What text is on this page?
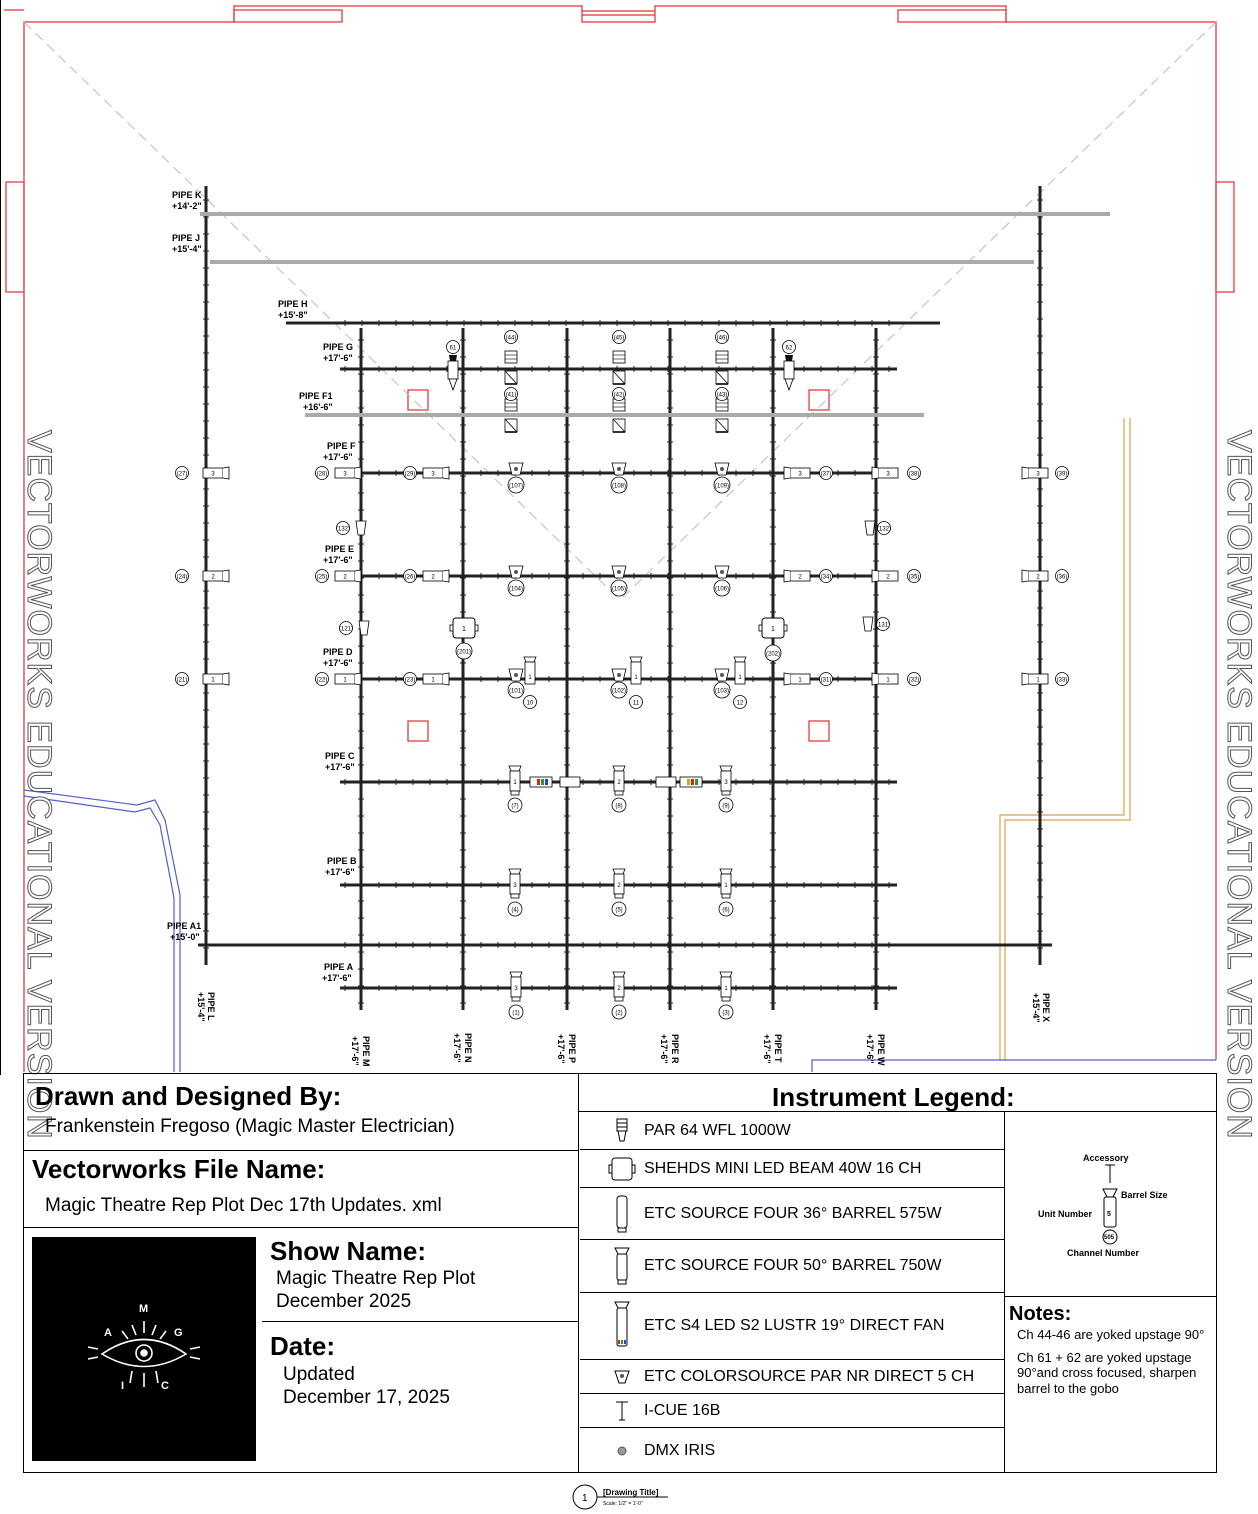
PIPE K
+14'-2"
PIPE J
+15'-4"
PIPE H
+15'-8"
PIPE G
+17'-6"
PIPE F1
+16'-6"
PIPE F
+17'-6"
PIPE E
+17'-6"
PIPE D
+17'-6"
PIPE C
+17'-6"
PIPE B
+17'-6"
PIPE A1
+15'-0"
PIPE A
+17'-6"
PIPE L
+15'-4"
PIPE M
+17'-6"	PIPE N
+17'-6"	PIPE P
+17'-6"	PIPE R
+17'-6"	PIPE T
+17'-6"	PIPE W
+17'-6"
PIPE X
+15'-4"
61
(44)	(45)	(46)
62
(41)	(42)	(43)
(27)	3	(28)	3	(29)	3	(37)
3	(38)
3	(39)
3
(24)	2	(25)	2	(26)	2	(34)
2	(35)
2	(36)
2
(21)	1	(22)	1	(23)	1	(31)
1	(32)
1	(33)
1
(107)
(104)
(101)
(108)
(105)
(102)
(109)
(106)
(103)
1
10
1
11
1
12
(132)
(121)
(132)
(131)
1
(201)
1
(202)
1
(7)
2
(8)
3
(9)
3
(4)
2
(5)
1
(6)
3
(1)
2
(2)
1
(3)
VECTORWORKS EDUCATIONAL VERSION	VECTORWORKS EDUCATIONAL VERSION
Drawn and Designed By:
Frankenstein Fregoso (Magic Master Electrician)
Vectorworks File Name:
Magic Theatre Rep Plot Dec 17th Updates. xml
M
A	G
I	C
Show Name:
Magic Theatre Rep Plot
December 2025
Date:
Updated
December 17, 2025
Instrument Legend:
PAR 64 WFL 1000W
SHEHDS MINI LED BEAM 40W 16 CH
ETC SOURCE FOUR 36° BARREL 575W
ETC SOURCE FOUR 50° BARREL 750W
ETC S4 LED S2 LUSTR 19° DIRECT FAN
ETC COLORSOURCE PAR NR DIRECT 5 CH
I-CUE 16B
DMX IRIS
Accessory
Barrel Size
Unit Number 5
505
Channel Number
Notes:
Ch 44-46 are yoked upstage 90°
Ch 61 + 62 are yoked upstage
90°and cross focused, sharpen
barrel to the gobo
1
[Drawing Title]
Scale: 1/2" = 1'-0"
